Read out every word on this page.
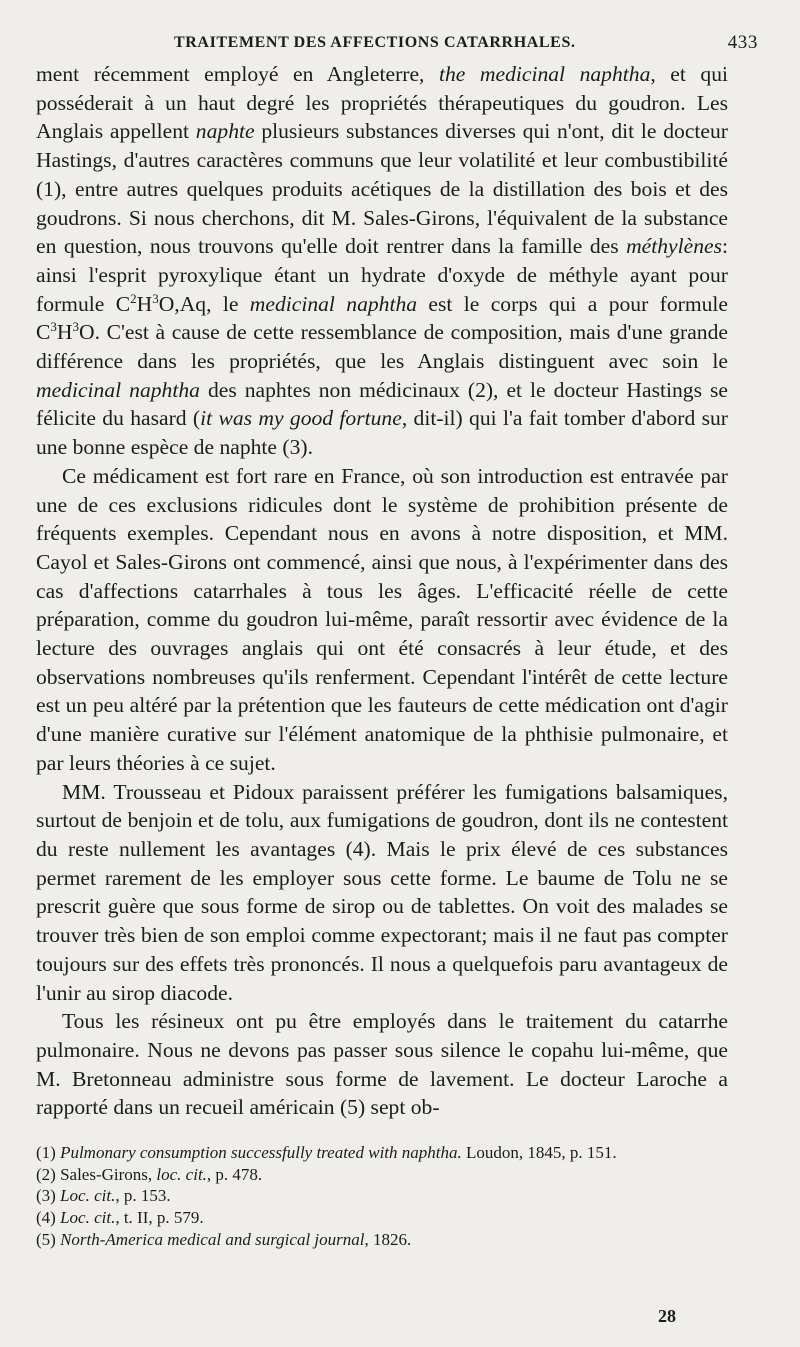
TRAITEMENT DES AFFECTIONS CATARRHALES.	433

ment récemment employé en Angleterre, the medicinal naphtha, et qui posséderait à un haut degré les propriétés thérapeutiques du goudron. Les Anglais appellent naphte plusieurs substances diverses qui n'ont, dit le docteur Hastings, d'autres caractères communs que leur volatilité et leur combustibilité (1), entre autres quelques produits acétiques de la distillation des bois et des goudrons. Si nous cherchons, dit M. Sales-Girons, l'équivalent de la substance en question, nous trouvons qu'elle doit rentrer dans la famille des méthylènes: ainsi l'esprit pyroxylique étant un hydrate d'oxyde de méthyle ayant pour formule $C^2H^3O,Aq$, le medicinal naphtha est le corps qui a pour formule $C^3H^3O$. C'est à cause de cette ressemblance de composition, mais d'une grande différence dans les propriétés, que les Anglais distinguent avec soin le medicinal naphtha des naphtes non médicinaux (2), et le docteur Hastings se félicite du hasard (it was my good fortune, dit-il) qui l'a fait tomber d'abord sur une bonne espèce de naphte (3).

Ce médicament est fort rare en France, où son introduction est entravée par une de ces exclusions ridicules dont le système de prohibition présente de fréquents exemples. Cependant nous en avons à notre disposition, et MM. Cayol et Sales-Girons ont commencé, ainsi que nous, à l'expérimenter dans des cas d'affections catarrhales à tous les âges. L'efficacité réelle de cette préparation, comme du goudron lui-même, paraît ressortir avec évidence de la lecture des ouvrages anglais qui ont été consacrés à leur étude, et des observations nombreuses qu'ils renferment. Cependant l'intérêt de cette lecture est un peu altéré par la prétention que les fauteurs de cette médication ont d'agir d'une manière curative sur l'élément anatomique de la phthisie pulmonaire, et par leurs théories à ce sujet.

MM. Trousseau et Pidoux paraissent préférer les fumigations balsamiques, surtout de benjoin et de tolu, aux fumigations de goudron, dont ils ne contestent du reste nullement les avantages (4). Mais le prix élevé de ces substances permet rarement de les employer sous cette forme. Le baume de Tolu ne se prescrit guère que sous forme de sirop ou de tablettes. On voit des malades se trouver très bien de son emploi comme expectorant; mais il ne faut pas compter toujours sur des effets très prononcés. Il nous a quelquefois paru avantageux de l'unir au sirop diacode.

Tous les résineux ont pu être employés dans le traitement du catarrhe pulmonaire. Nous ne devons pas passer sous silence le copahu lui-même, que M. Bretonneau administre sous forme de lavement. Le docteur Laroche a rapporté dans un recueil américain (5) sept ob-

(1) Pulmonary consumption successfully treated with naphtha. Loudon, 1845, p. 151.

(2) Sales-Girons, loc. cit., p. 478.

(3) Loc. cit., p. 153.

(4) Loc. cit., t. II, p. 579.

(5) North-America medical and surgical journal, 1826.

28
